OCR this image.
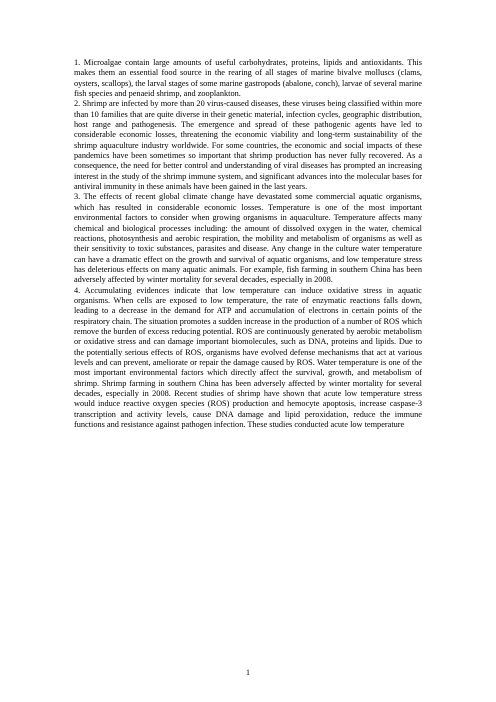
1. Microalgae contain large amounts of useful carbohydrates, proteins, lipids and antioxidants. This makes them an essential food source in the rearing of all stages of marine bivalve molluscs (clams, oysters, scallops), the larval stages of some marine gastropods (abalone, conch), larvae of several marine fish species and penaeid shrimp, and zooplankton.

2. Shrimp are infected by more than 20 virus-caused diseases, these viruses being classified within more than 10 families that are quite diverse in their genetic material, infection cycles, geographic distribution, host range and pathogenesis. The emergence and spread of these pathogenic agents have led to considerable economic losses, threatening the economic viability and long-term sustainability of the shrimp aquaculture industry worldwide. For some countries, the economic and social impacts of these pandemics have been sometimes so important that shrimp production has never fully recovered. As a consequence, the need for better control and understanding of viral diseases has prompted an increasing interest in the study of the shrimp immune system, and significant advances into the molecular bases for antiviral immunity in these animals have been gained in the last years.

3. The effects of recent global climate change have devastated some commercial aquatic organisms, which has resulted in considerable economic losses. Temperature is one of the most important environmental factors to consider when growing organisms in aquaculture. Temperature affects many chemical and biological processes including: the amount of dissolved oxygen in the water, chemical reactions, photosynthesis and aerobic respiration, the mobility and metabolism of organisms as well as their sensitivity to toxic substances, parasites and disease. Any change in the culture water temperature can have a dramatic effect on the growth and survival of aquatic organisms, and low temperature stress has deleterious effects on many aquatic animals. For example, fish farming in southern China has been adversely affected by winter mortality for several decades, especially in 2008.

4. Accumulating evidences indicate that low temperature can induce oxidative stress in aquatic organisms. When cells are exposed to low temperature, the rate of enzymatic reactions falls down, leading to a decrease in the demand for ATP and accumulation of electrons in certain points of the respiratory chain. The situation promotes a sudden increase in the production of a number of ROS which remove the burden of excess reducing potential. ROS are continuously generated by aerobic metabolism or oxidative stress and can damage important biomolecules, such as DNA, proteins and lipids. Due to the potentially serious effects of ROS, organisms have evolved defense mechanisms that act at various levels and can prevent, ameliorate or repair the damage caused by ROS. Water temperature is one of the most important environmental factors which directly affect the survival, growth, and metabolism of shrimp. Shrimp farming in southern China has been adversely affected by winter mortality for several decades, especially in 2008. Recent studies of shrimp have shown that acute low temperature stress would induce reactive oxygen species (ROS) production and hemocyte apoptosis, increase caspase-3 transcription and activity levels, cause DNA damage and lipid peroxidation, reduce the immune functions and resistance against pathogen infection. These studies conducted acute low temperature

1
